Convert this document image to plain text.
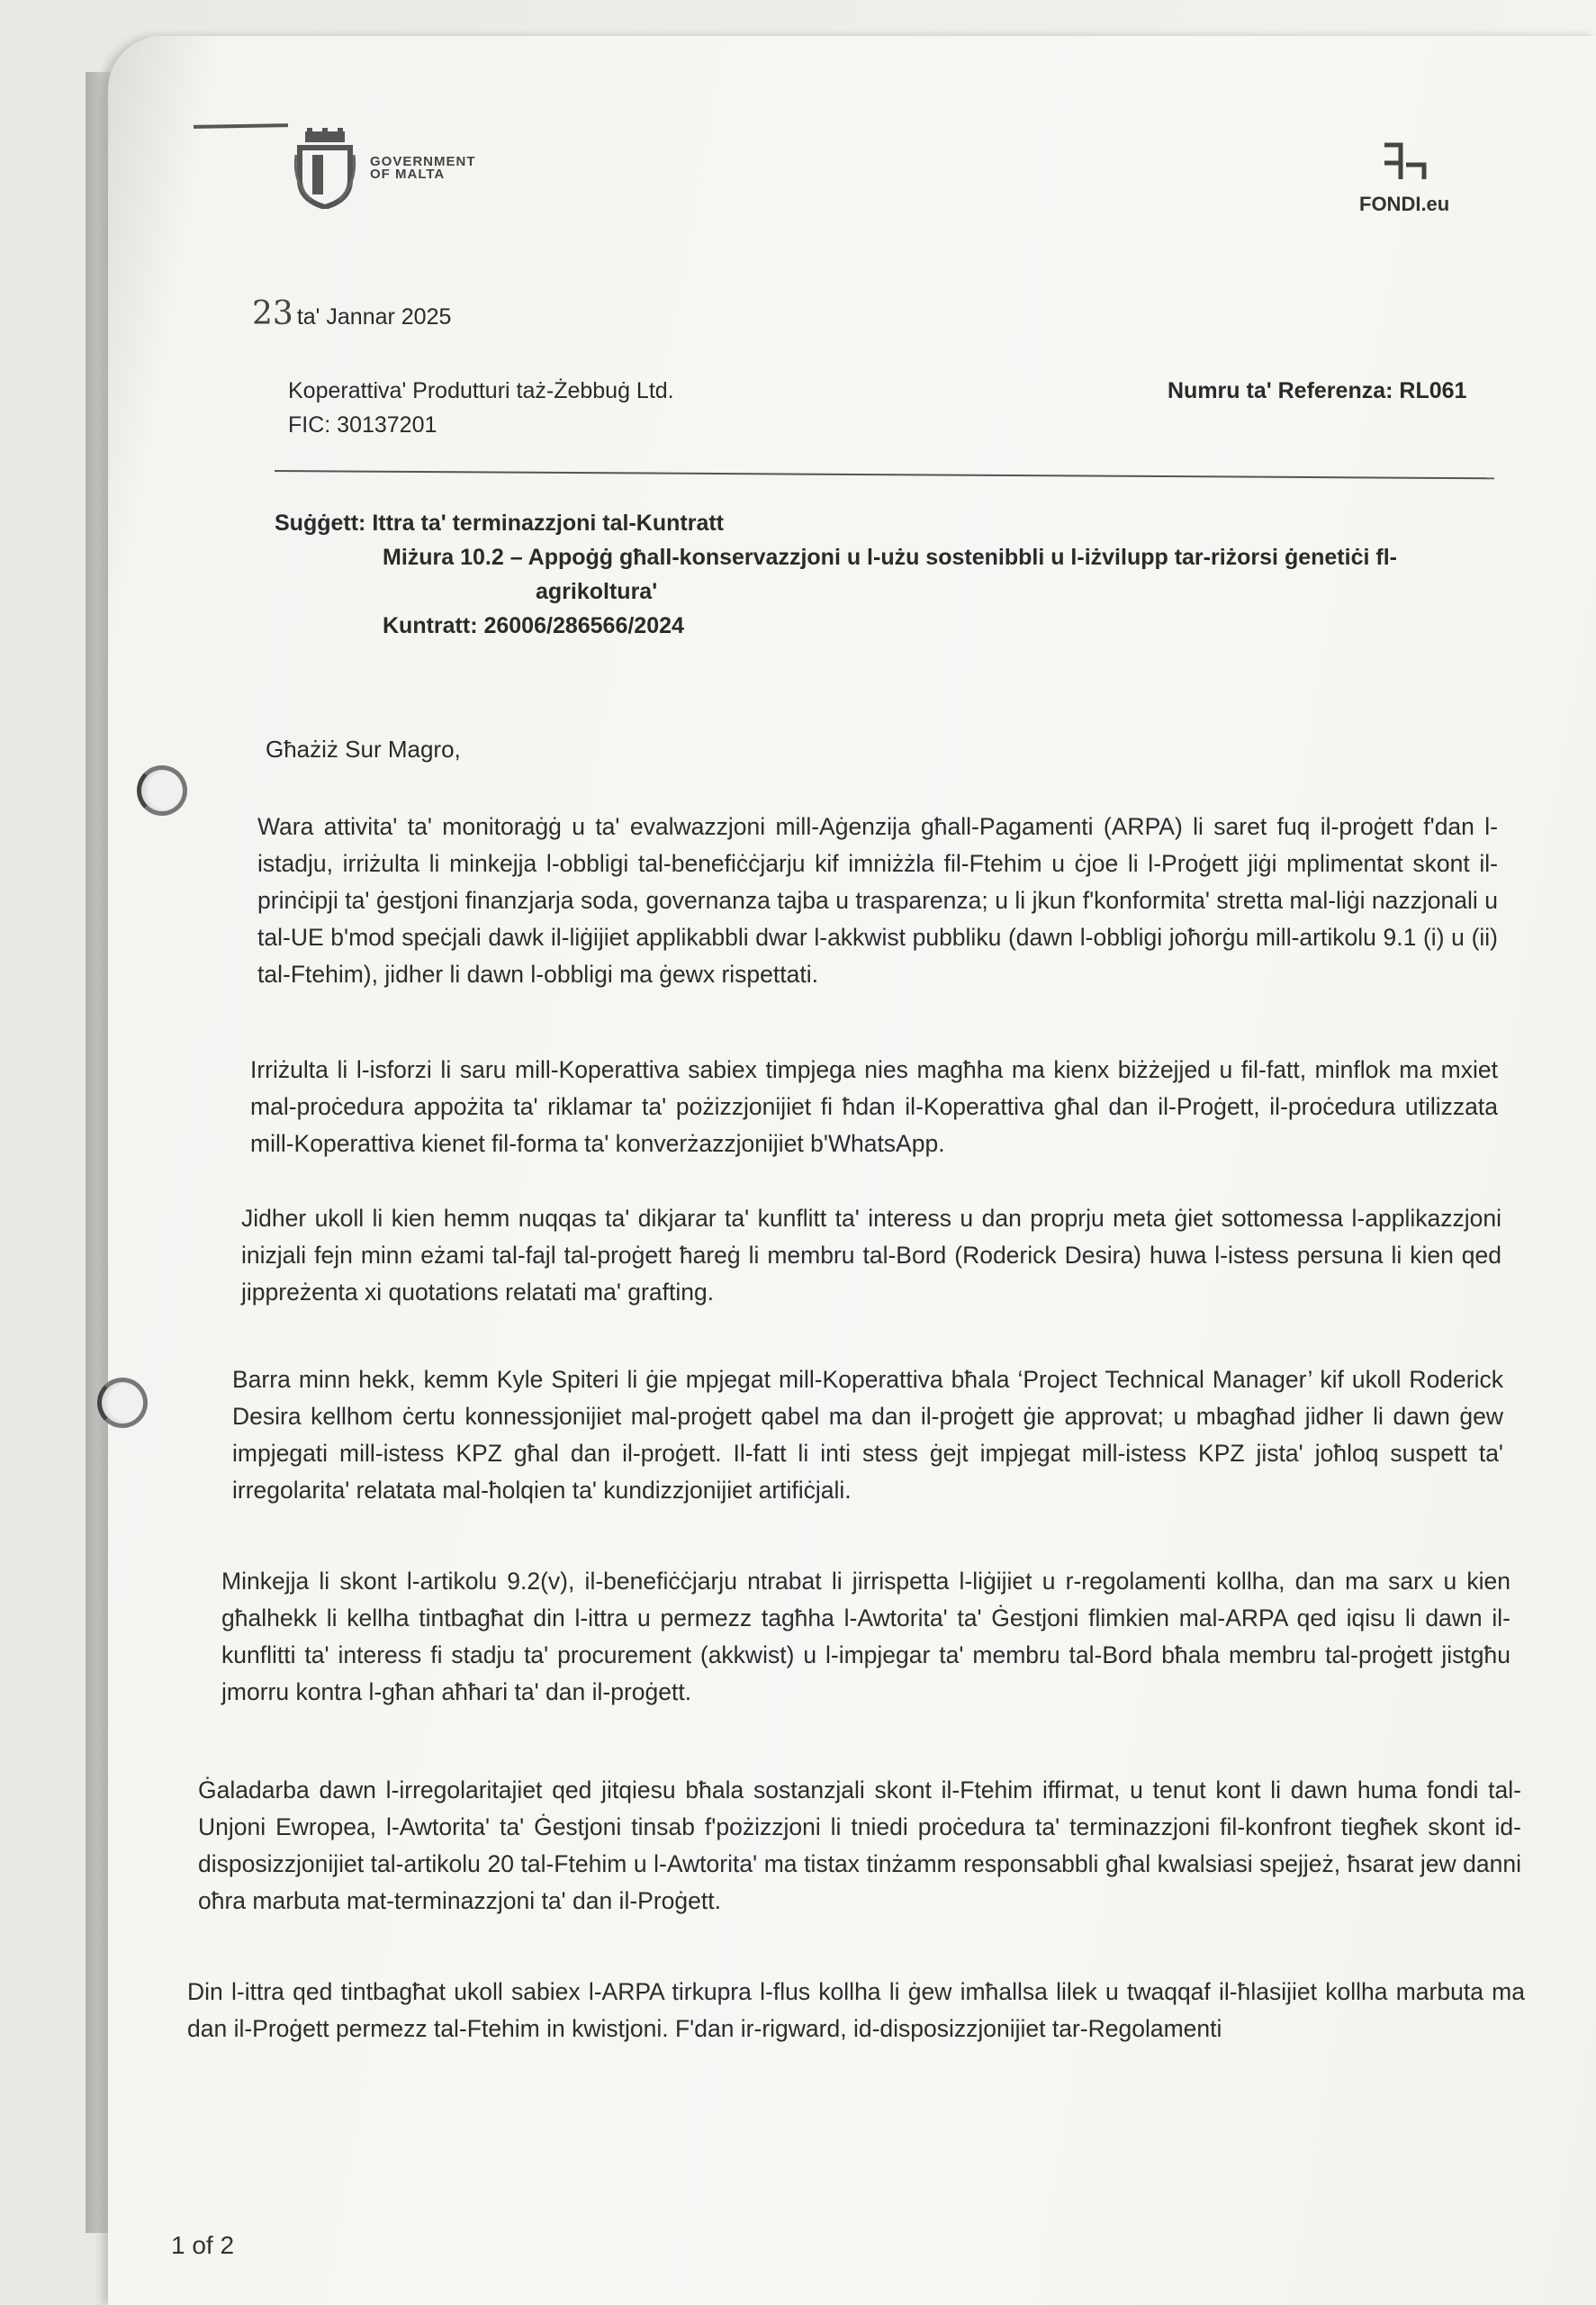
GOVERNMENT
OF MALTA
FONDI.eu
23 ta' Jannar 2025
Koperattiva' Produtturi taż-Żebbuġ Ltd.
FIC: 30137201
Numru ta' Referenza: RL061
Suġġett: Ittra ta' terminazzjoni tal-Kuntratt
Miżura 10.2 – Appoġġ għall-konservazzjoni u l-użu sostenibbli u l-iżvilupp tar-riżorsi ġenetiċi fl-
agrikoltura'
Kuntratt: 26006/286566/2024
Għażiż Sur Magro,
Wara attivita' ta' monitoraġġ u ta' evalwazzjoni mill-Aġenzija għall-Pagamenti (ARPA) li saret fuq il-proġett f'dan l-istadju, irriżulta li minkejja l-obbligi tal-benefiċċjarju kif imniżżla fil-Ftehim u ċjoe li l-Proġett jiġi mplimentat skont il-prinċipji ta' ġestjoni finanzjarja soda, governanza tajba u trasparenza; u li jkun f'konformita' stretta mal-liġi nazzjonali u tal-UE b'mod speċjali dawk il-liġijiet applikabbli dwar l-akkwist pubbliku (dawn l-obbligi joħorġu mill-artikolu 9.1 (i) u (ii) tal-Ftehim), jidher li dawn l-obbligi ma ġewx rispettati.
Irriżulta li l-isforzi li saru mill-Koperattiva sabiex timpjega nies magħha ma kienx biżżejjed u fil-fatt, minflok ma mxiet mal-proċedura appożita ta' riklamar ta' pożizzjonijiet fi ħdan il-Koperattiva għal dan il-Proġett, il-proċedura utilizzata mill-Koperattiva kienet fil-forma ta' konverżazzjonijiet b'WhatsApp.
Jidher ukoll li kien hemm nuqqas ta' dikjarar ta' kunflitt ta' interess u dan proprju meta ġiet sottomessa l-applikazzjoni inizjali fejn minn eżami tal-fajl tal-proġett ħareġ li membru tal-Bord (Roderick Desira) huwa l-istess persuna li kien qed jippreżenta xi quotations relatati ma' grafting.
Barra minn hekk, kemm Kyle Spiteri li ġie mpjegat mill-Koperattiva bħala ‘Project Technical Manager’ kif ukoll Roderick Desira kellhom ċertu konnessjonijiet mal-proġett qabel ma dan il-proġett ġie approvat; u mbagħad jidher li dawn ġew impjegati mill-istess KPZ għal dan il-proġett. Il-fatt li inti stess ġejt impjegat mill-istess KPZ jista' joħloq suspett ta' irregolarita' relatata mal-ħolqien ta' kundizzjonijiet artifiċjali.
Minkejja li skont l-artikolu 9.2(v), il-benefiċċjarju ntrabat li jirrispetta l-liġijiet u r-regolamenti kollha, dan ma sarx u kien għalhekk li kellha tintbagħat din l-ittra u permezz tagħha l-Awtorita' ta' Ġestjoni flimkien mal-ARPA qed iqisu li dawn il-kunflitti ta' interess fi stadju ta' procurement (akkwist) u l-impjegar ta' membru tal-Bord bħala membru tal-proġett jistgħu jmorru kontra l-għan aħħari ta' dan il-proġett.
Ġaladarba dawn l-irregolaritajiet qed jitqiesu bħala sostanzjali skont il-Ftehim iffirmat, u tenut kont li dawn huma fondi tal-Unjoni Ewropea, l-Awtorita' ta' Ġestjoni tinsab f'pożizzjoni li tniedi proċedura ta' terminazzjoni fil-konfront tiegħek skont id-disposizzjonijiet tal-artikolu 20 tal-Ftehim u l-Awtorita' ma tistax tinżamm responsabbli għal kwalsiasi spejjeż, ħsarat jew danni oħra marbuta mat-terminazzjoni ta' dan il-Proġett.
Din l-ittra qed tintbagħat ukoll sabiex l-ARPA tirkupra l-flus kollha li ġew imħallsa lilek u twaqqaf il-ħlasijiet kollha marbuta ma dan il-Proġett permezz tal-Ftehim in kwistjoni. F'dan ir-rigward, id-disposizzjonijiet tar-Regolamenti
1 of 2
